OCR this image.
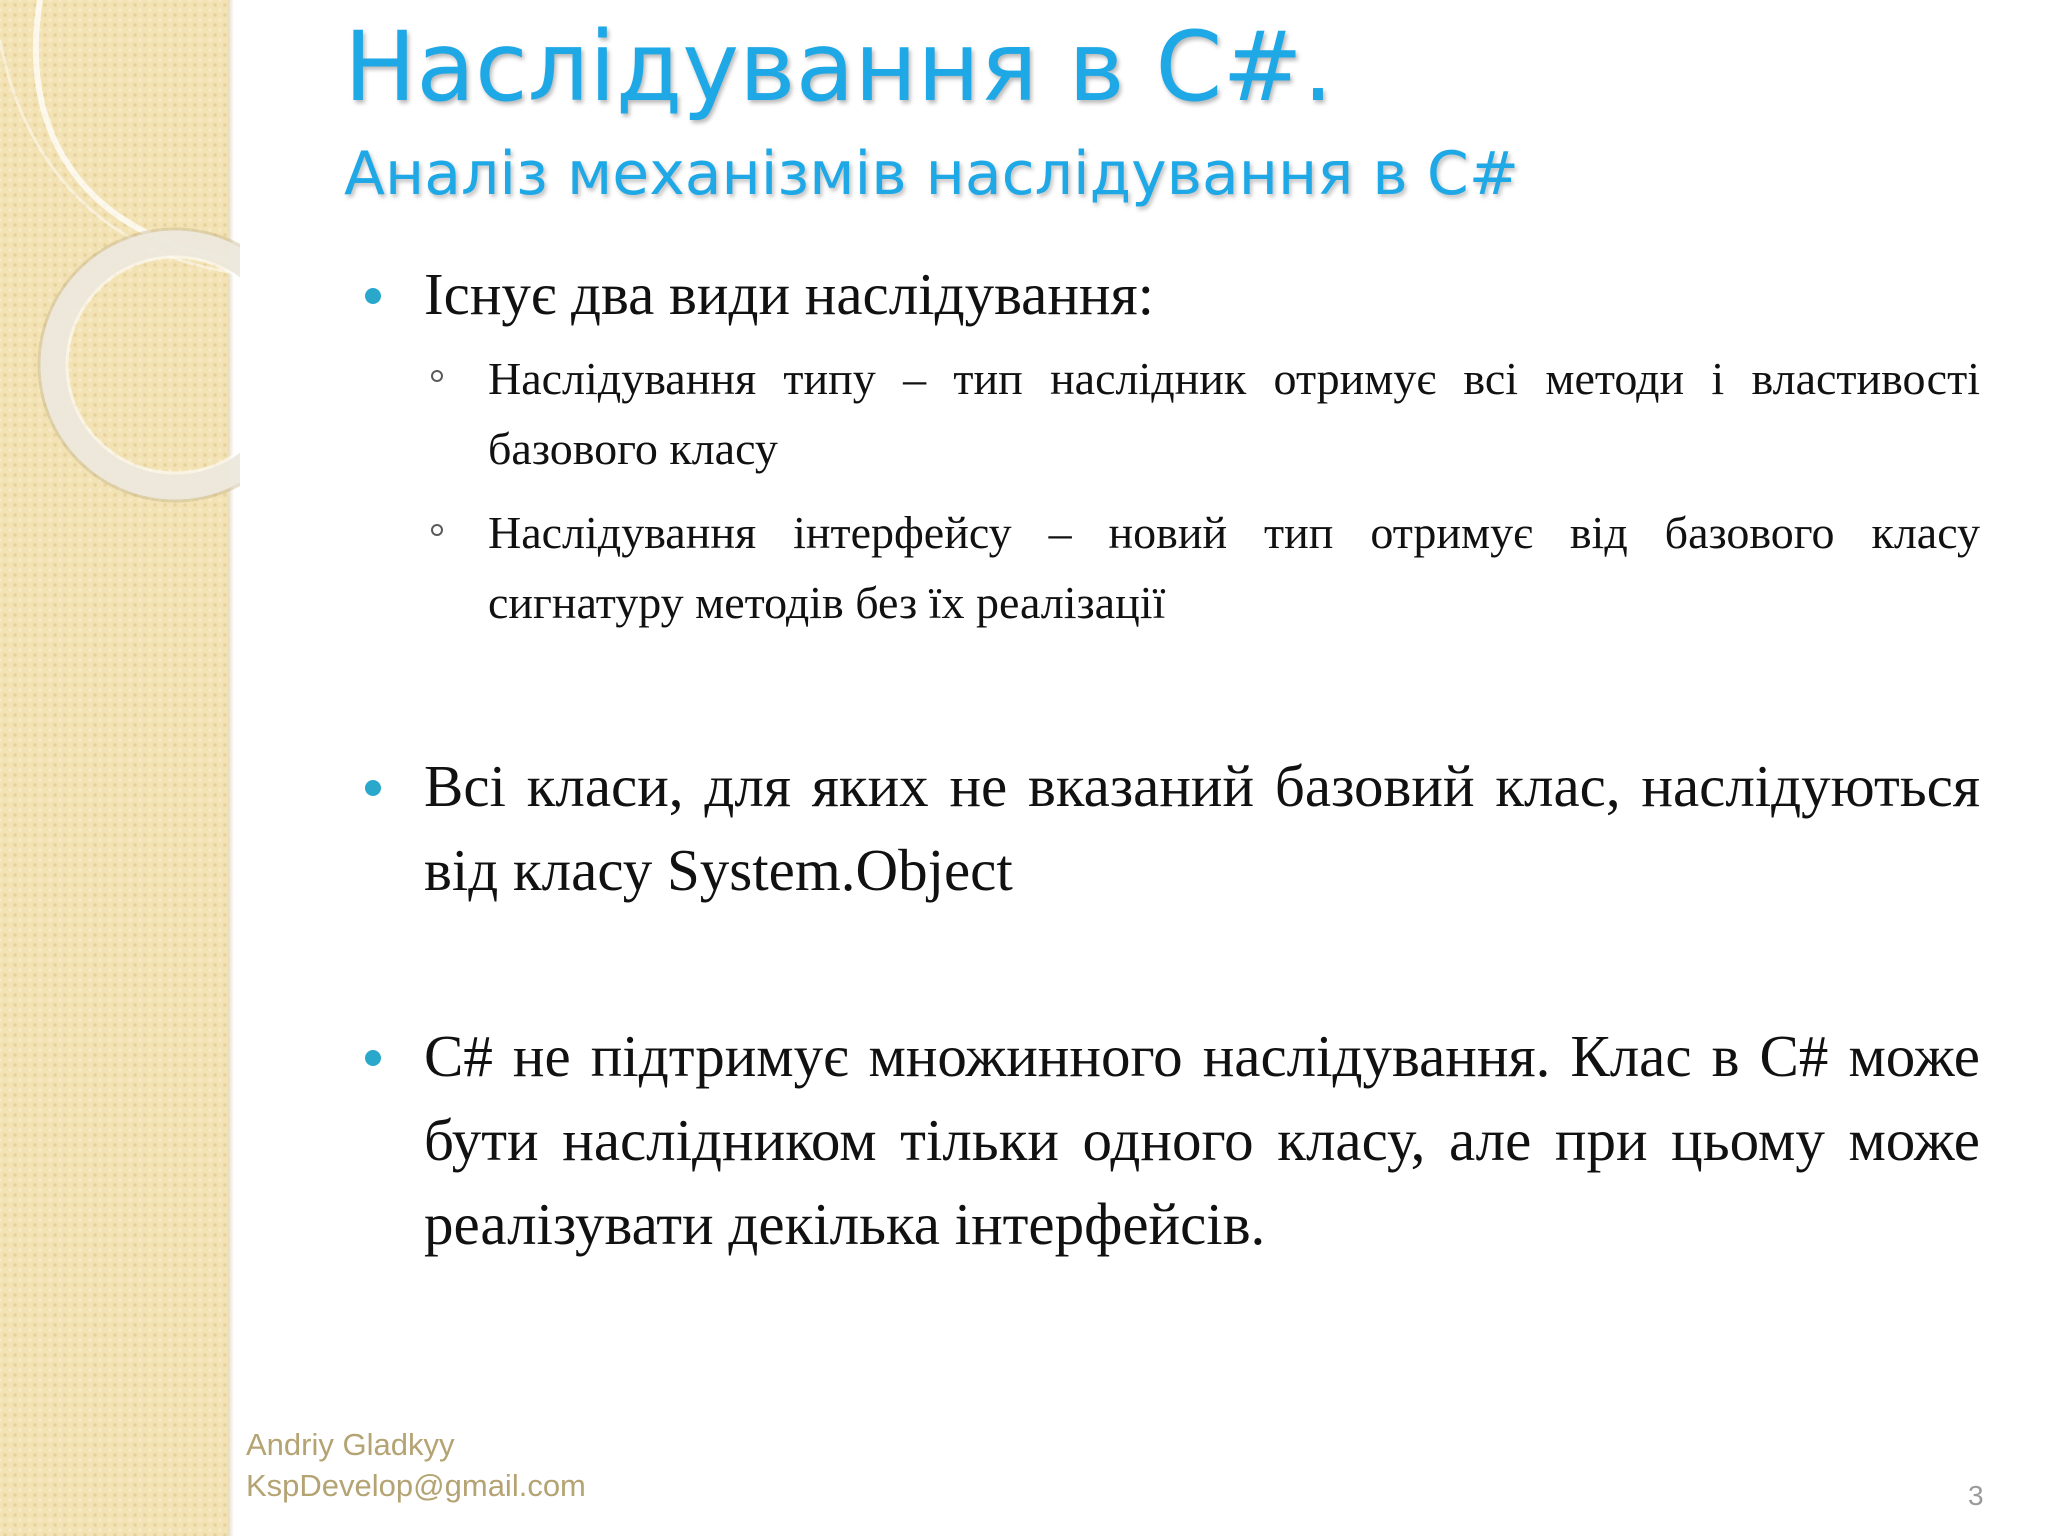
Наслідування в С#.
Аналіз механізмів наслідування в С#
Існує два види наслідування:
Наслідування типу – тип наслідник отримує всі методи і властивості базового класу
Наслідування інтерфейсу – новий тип отримує від базового класу сигнатуру методів без їх реалізації
Всі класи, для яких не вказаний базовий клас, наслідуються від класу System.Object
С# не підтримує множинного наслідування. Клас в С# може бути наслідником тільки одного класу, але при цьому може реалізувати декілька інтерфейсів.
Andriy Gladkyy
KspDevelop@gmail.com	3
